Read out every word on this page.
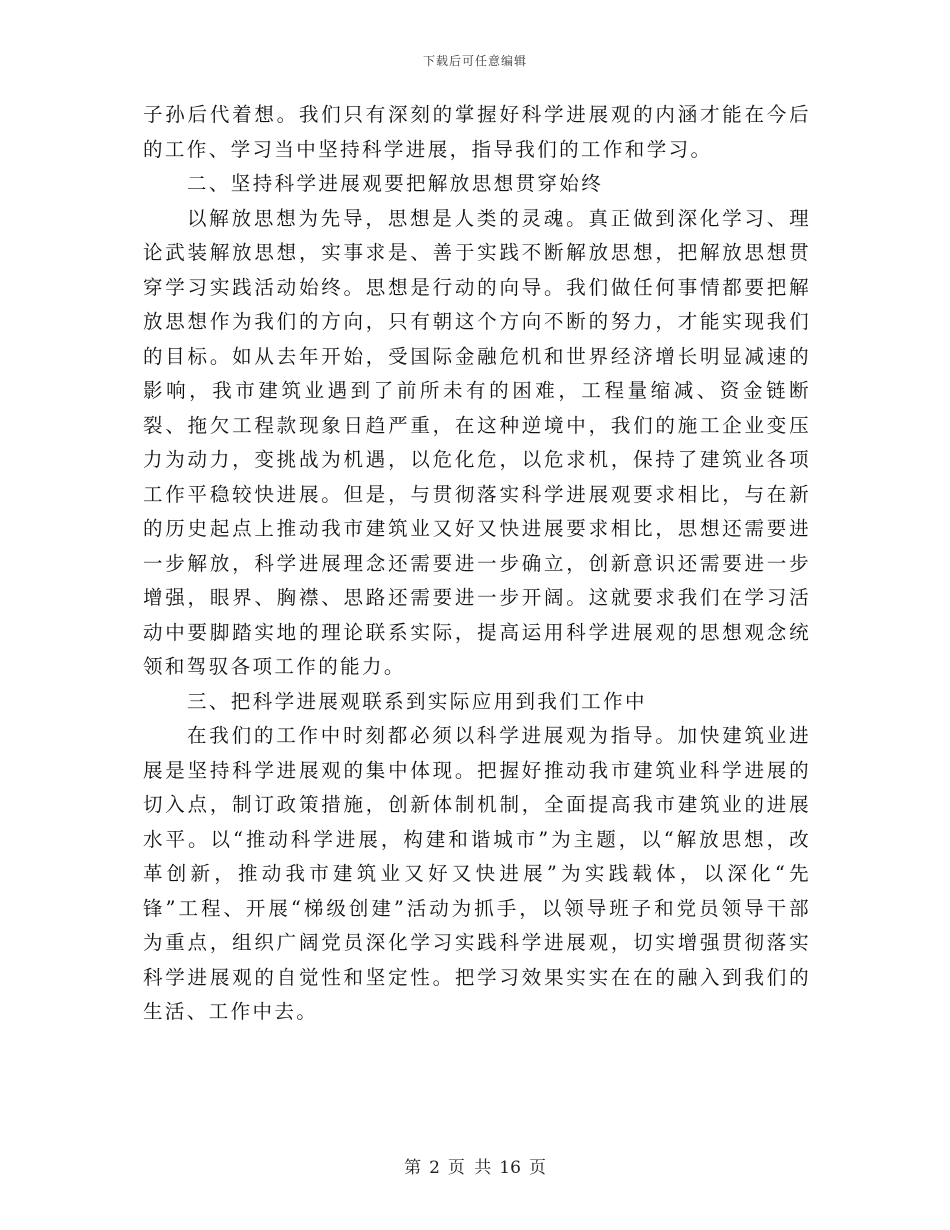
下载后可任意编辑

子孙后代着想。我们只有深刻的掌握好科学进展观的内涵才能在今后的工作、学习当中坚持科学进展，指导我们的工作和学习。

二、坚持科学进展观要把解放思想贯穿始终

以解放思想为先导，思想是人类的灵魂。真正做到深化学习、理论武装解放思想，实事求是、善于实践不断解放思想，把解放思想贯穿学习实践活动始终。思想是行动的向导。我们做任何事情都要把解放思想作为我们的方向，只有朝这个方向不断的努力，才能实现我们的目标。如从去年开始，受国际金融危机和世界经济增长明显减速的影响，我市建筑业遇到了前所未有的困难，工程量缩减、资金链断裂、拖欠工程款现象日趋严重，在这种逆境中，我们的施工企业变压力为动力，变挑战为机遇，以危化危，以危求机，保持了建筑业各项工作平稳较快进展。但是，与贯彻落实科学进展观要求相比，与在新的历史起点上推动我市建筑业又好又快进展要求相比，思想还需要进一步解放，科学进展理念还需要进一步确立，创新意识还需要进一步增强，眼界、胸襟、思路还需要进一步开阔。这就要求我们在学习活动中要脚踏实地的理论联系实际，提高运用科学进展观的思想观念统领和驾驭各项工作的能力。

三、把科学进展观联系到实际应用到我们工作中

在我们的工作中时刻都必须以科学进展观为指导。加快建筑业进展是坚持科学进展观的集中体现。把握好推动我市建筑业科学进展的切入点，制订政策措施，创新体制机制，全面提高我市建筑业的进展水平。以“推动科学进展，构建和谐城市”为主题，以“解放思想，改革创新，推动我市建筑业又好又快进展”为实践载体，以深化“先锋”工程、开展“梯级创建”活动为抓手，以领导班子和党员领导干部为重点，组织广阔党员深化学习实践科学进展观，切实增强贯彻落实科学进展观的自觉性和坚定性。把学习效果实实在在的融入到我们的生活、工作中去。

第 2 页 共 16 页
